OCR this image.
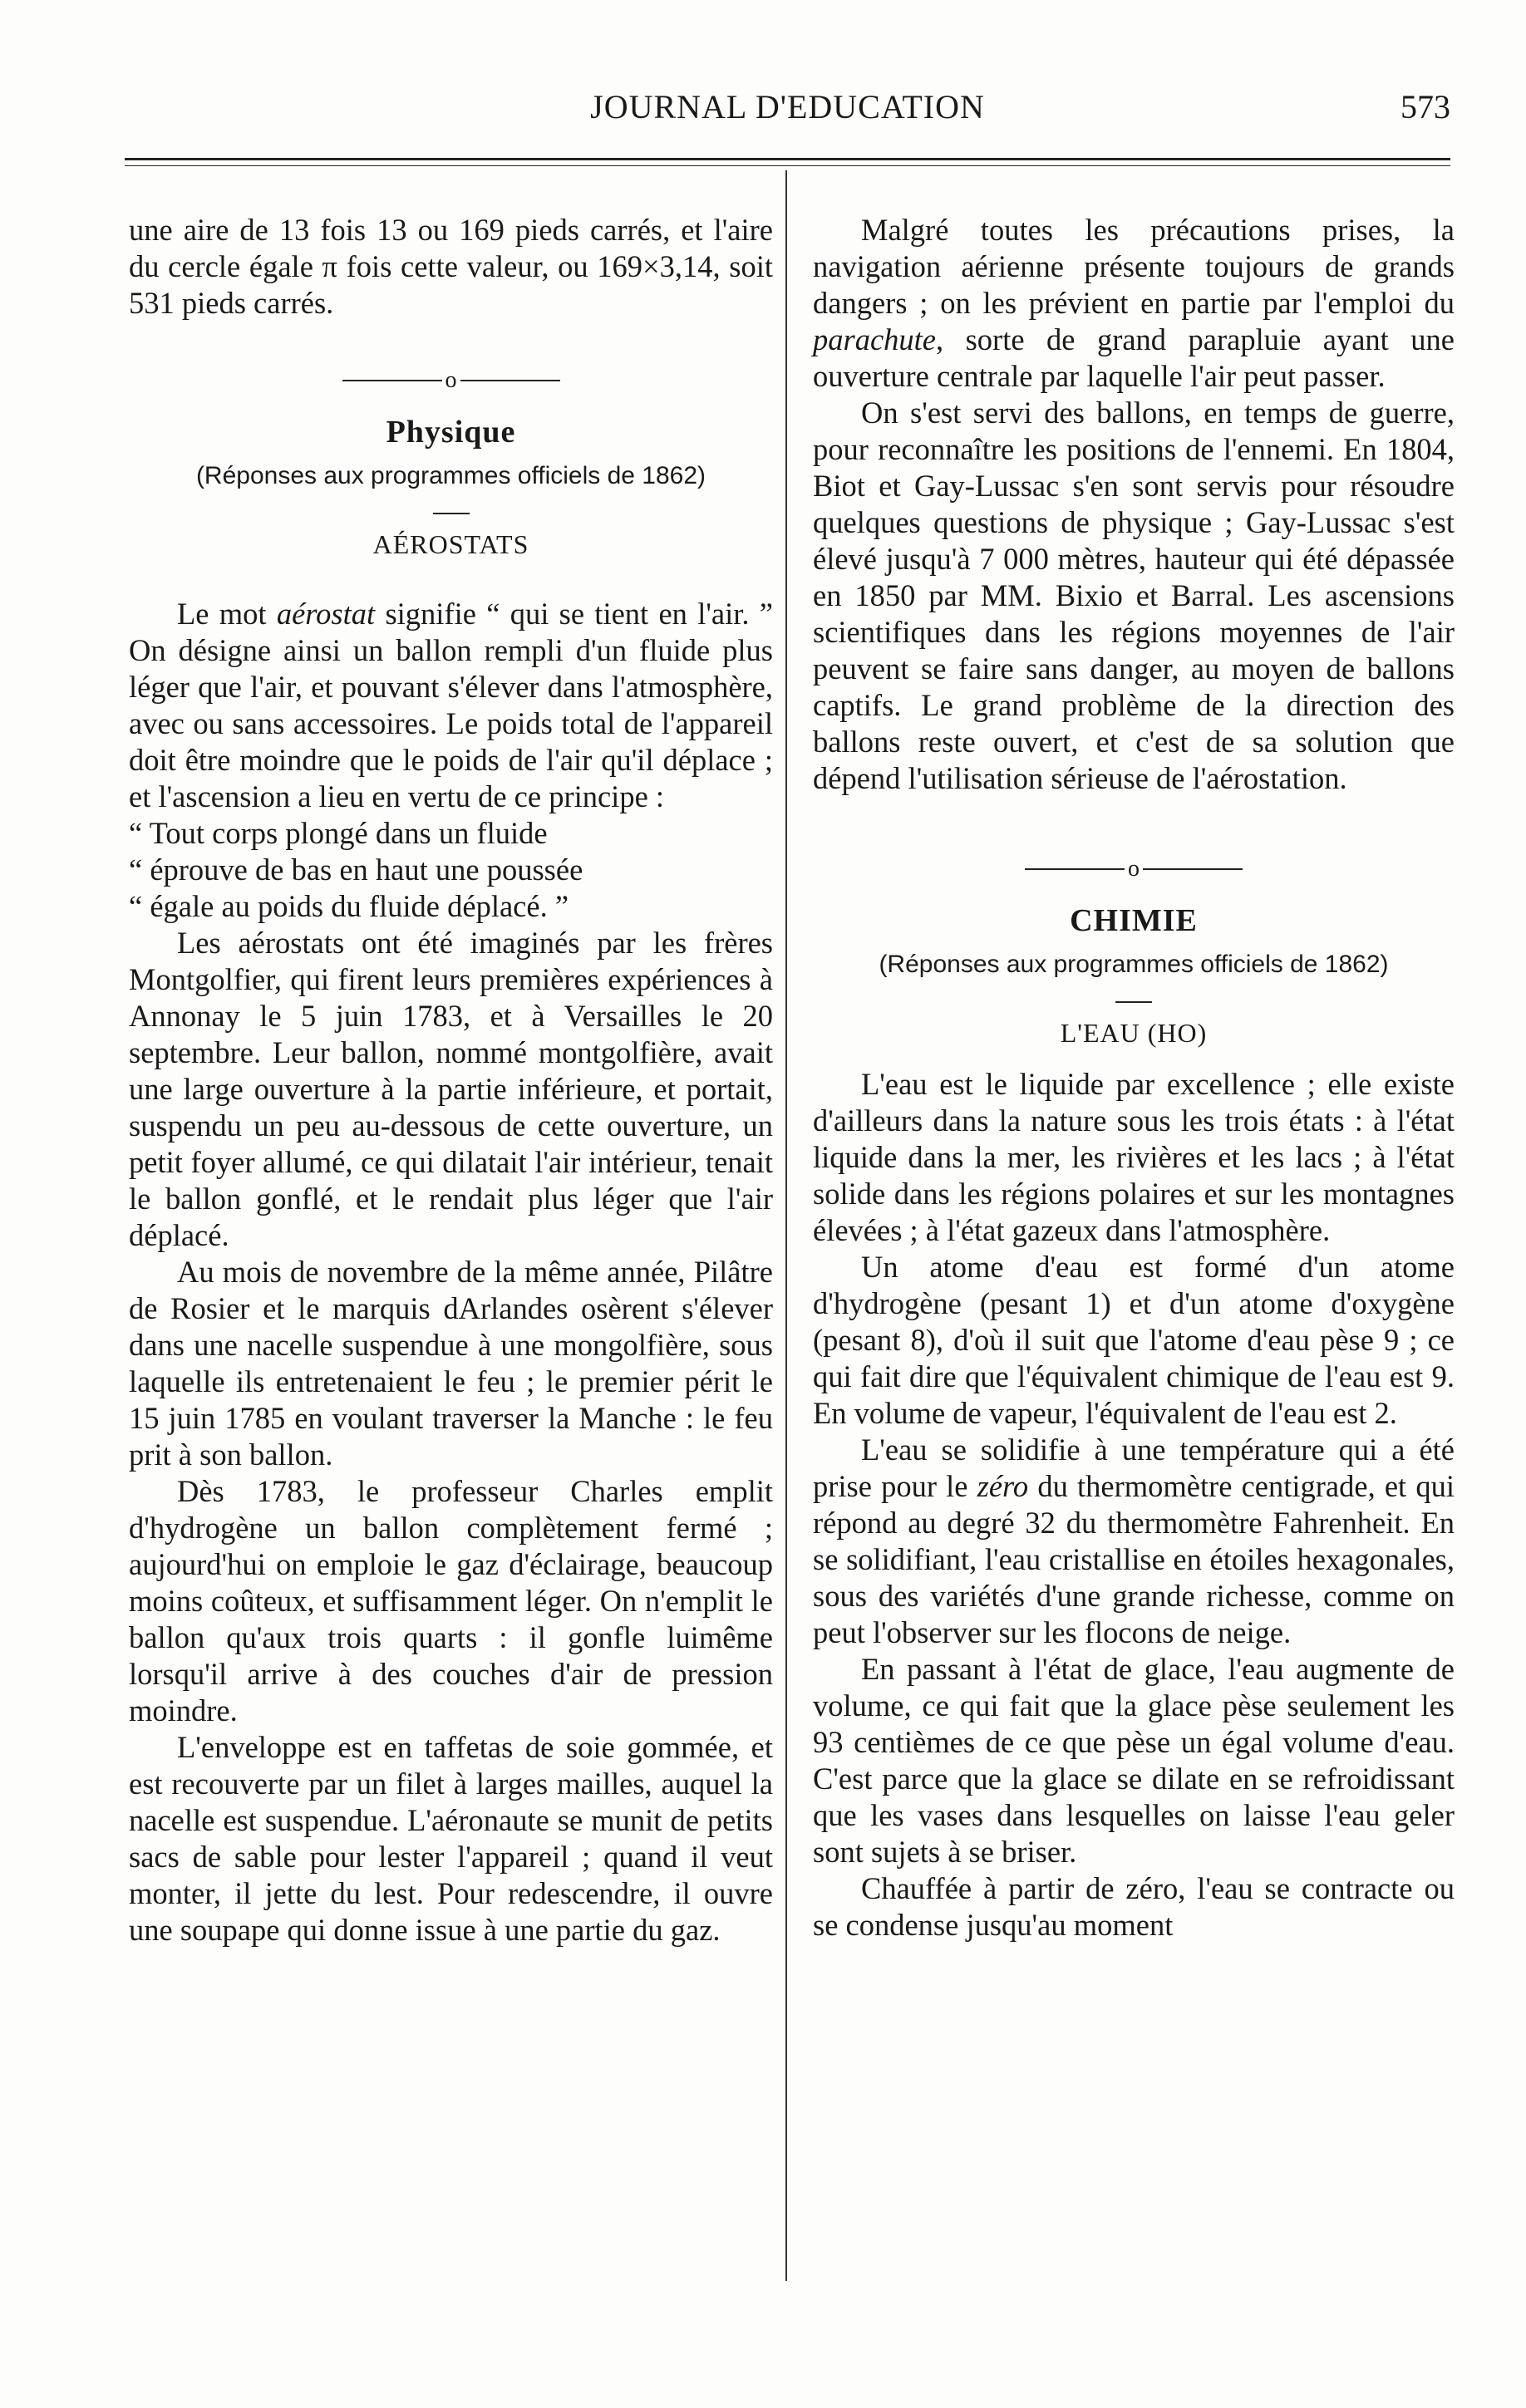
JOURNAL D'EDUCATION	573

une aire de 13 fois 13 ou 169 pieds carrés, et l'aire du cercle égale π fois cette valeur, ou 169×3,14, soit 531 pieds carrés.

o
Physique
(Réponses aux programmes officiels de 1862)
AÉROSTATS

Le mot aérostat signifie “ qui se tient en l'air. ” On désigne ainsi un ballon rempli d'un fluide plus léger que l'air, et pouvant s'élever dans l'atmosphère, avec ou sans accessoires. Le poids total de l'appareil doit être moindre que le poids de l'air qu'il déplace ; et l'ascension a lieu en vertu de ce principe :

“ Tout corps plongé dans un fluide

“ éprouve de bas en haut une poussée

“ égale au poids du fluide déplacé. ”

Les aérostats ont été imaginés par les frères Montgolfier, qui firent leurs premières expériences à Annonay le 5 juin 1783, et à Versailles le 20 septembre. Leur ballon, nommé montgolfière, avait une large ouverture à la partie inférieure, et portait, suspendu un peu au-dessous de cette ouverture, un petit foyer allumé, ce qui dilatait l'air intérieur, tenait le ballon gonflé, et le rendait plus léger que l'air déplacé.

Au mois de novembre de la même année, Pilâtre de Rosier et le marquis dArlandes osèrent s'élever dans une nacelle suspendue à une mongolfière, sous laquelle ils entretenaient le feu ; le premier périt le 15 juin 1785 en voulant traverser la Manche : le feu prit à son ballon.

Dès 1783, le professeur Charles emplit d'hydrogène un ballon complètement fermé ; aujourd'hui on emploie le gaz d'éclairage, beaucoup moins coûteux, et suffisamment léger. On n'emplit le ballon qu'aux trois quarts : il gonfle luimême lorsqu'il arrive à des couches d'air de pression moindre.

L'enveloppe est en taffetas de soie gommée, et est recouverte par un filet à larges mailles, auquel la nacelle est suspendue. L'aéronaute se munit de petits sacs de sable pour lester l'appareil ; quand il veut monter, il jette du lest. Pour redescendre, il ouvre une soupape qui donne issue à une partie du gaz.

Malgré toutes les précautions prises, la navigation aérienne présente toujours de grands dangers ; on les prévient en partie par l'emploi du parachute, sorte de grand parapluie ayant une ouverture centrale par laquelle l'air peut passer.

On s'est servi des ballons, en temps de guerre, pour reconnaître les positions de l'ennemi. En 1804, Biot et Gay-Lussac s'en sont servis pour résoudre quelques questions de physique ; Gay-Lussac s'est élevé jusqu'à 7 000 mètres, hauteur qui été dépassée en 1850 par MM. Bixio et Barral. Les ascensions scientifiques dans les régions moyennes de l'air peuvent se faire sans danger, au moyen de ballons captifs. Le grand problème de la direction des ballons reste ouvert, et c'est de sa solution que dépend l'utilisation sérieuse de l'aérostation.

o
CHIMIE
(Réponses aux programmes officiels de 1862)
L'EAU (HO)

L'eau est le liquide par excellence ; elle existe d'ailleurs dans la nature sous les trois états : à l'état liquide dans la mer, les rivières et les lacs ; à l'état solide dans les régions polaires et sur les montagnes élevées ; à l'état gazeux dans l'atmosphère.

Un atome d'eau est formé d'un atome d'hydrogène (pesant 1) et d'un atome d'oxygène (pesant 8), d'où il suit que l'atome d'eau pèse 9 ; ce qui fait dire que l'équivalent chimique de l'eau est 9. En volume de vapeur, l'équivalent de l'eau est 2.

L'eau se solidifie à une température qui a été prise pour le zéro du thermomètre centigrade, et qui répond au degré 32 du thermomètre Fahrenheit. En se solidifiant, l'eau cristallise en étoiles hexagonales, sous des variétés d'une grande richesse, comme on peut l'observer sur les flocons de neige.

En passant à l'état de glace, l'eau augmente de volume, ce qui fait que la glace pèse seulement les 93 centièmes de ce que pèse un égal volume d'eau. C'est parce que la glace se dilate en se refroidissant que les vases dans lesquelles on laisse l'eau geler sont sujets à se briser.

Chauffée à partir de zéro, l'eau se contracte ou se condense jusqu'au moment
